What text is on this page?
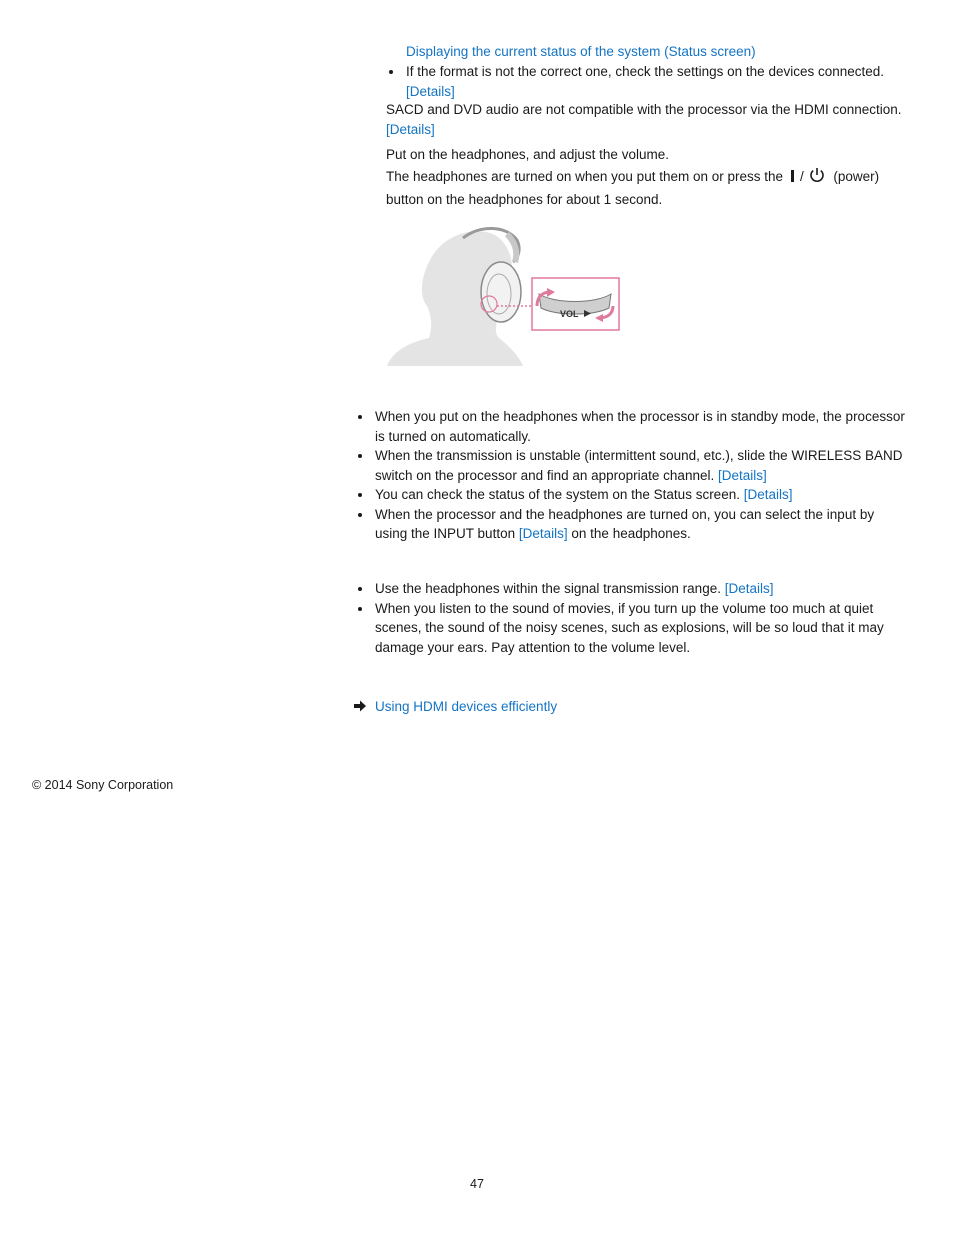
Displaying the current status of the system (Status screen)
If the format is not the correct one, check the settings on the devices connected.
[Details]
SACD and DVD audio are not compatible with the processor via the HDMI connection.
[Details]
Put on the headphones, and adjust the volume.
The headphones are turned on when you put them on or press the / (power)
button on the headphones for about 1 second.
VOL
When you put on the headphones when the processor is in standby mode, the processor
is turned on automatically.
When the transmission is unstable (intermittent sound, etc.), slide the WIRELESS BAND
switch on the processor and find an appropriate channel. [Details]
You can check the status of the system on the Status screen. [Details]
When the processor and the headphones are turned on, you can select the input by
using the INPUT button [Details] on the headphones.
Use the headphones within the signal transmission range. [Details]
When you listen to the sound of movies, if you turn up the volume too much at quiet
scenes, the sound of the noisy scenes, such as explosions, will be so loud that it may
damage your ears. Pay attention to the volume level.
Using HDMI devices efficiently
© 2014 Sony Corporation
47
